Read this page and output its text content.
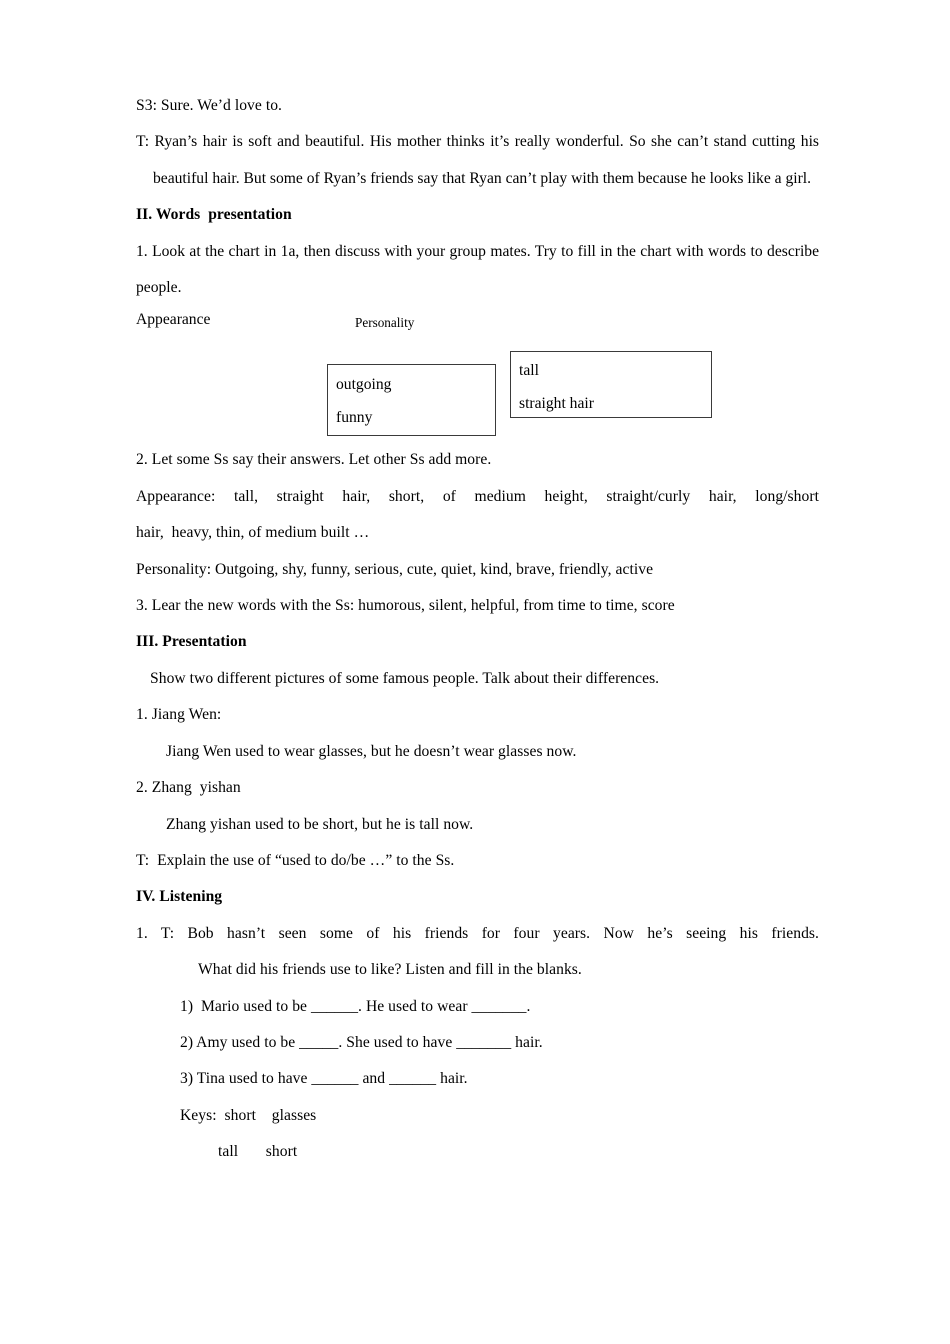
S3: Sure. We’d love to.
T: Ryan’s hair is soft and beautiful. His mother thinks it’s really wonderful. So she can’t stand cutting his beautiful hair. But some of Ryan’s friends say that Ryan can’t play with them because he looks like a girl.
II. Words  presentation
1. Look at the chart in 1a, then discuss with your group mates. Try to fill in the chart with words to describe people.
Appearance	Personality
outgoing
funny
tall
straight hair
2. Let some Ss say their answers. Let other Ss add more.
Appearance: tall, straight hair, short, of medium height, straight/curly hair, long/short
hair,  heavy, thin, of medium built …
Personality: Outgoing, shy, funny, serious, cute, quiet, kind, brave, friendly, active
3. Lear the new words with the Ss: humorous, silent, helpful, from time to time, score
III. Presentation
Show two different pictures of some famous people. Talk about their differences.
1. Jiang Wen:
Jiang Wen used to wear glasses, but he doesn’t wear glasses now.
2. Zhang  yishan
Zhang yishan used to be short, but he is tall now.
T:  Explain the use of “used to do/be …” to the Ss.
IV. Listening
1. T: Bob hasn’t seen some of his friends for four years. Now he’s seeing his friends.
What did his friends use to like? Listen and fill in the blanks.
1)  Mario used to be ______. He used to wear _______.
2) Amy used to be _____. She used to have _______ hair.
3) Tina used to have ______ and ______ hair.
Keys:  short    glasses
tall       short
